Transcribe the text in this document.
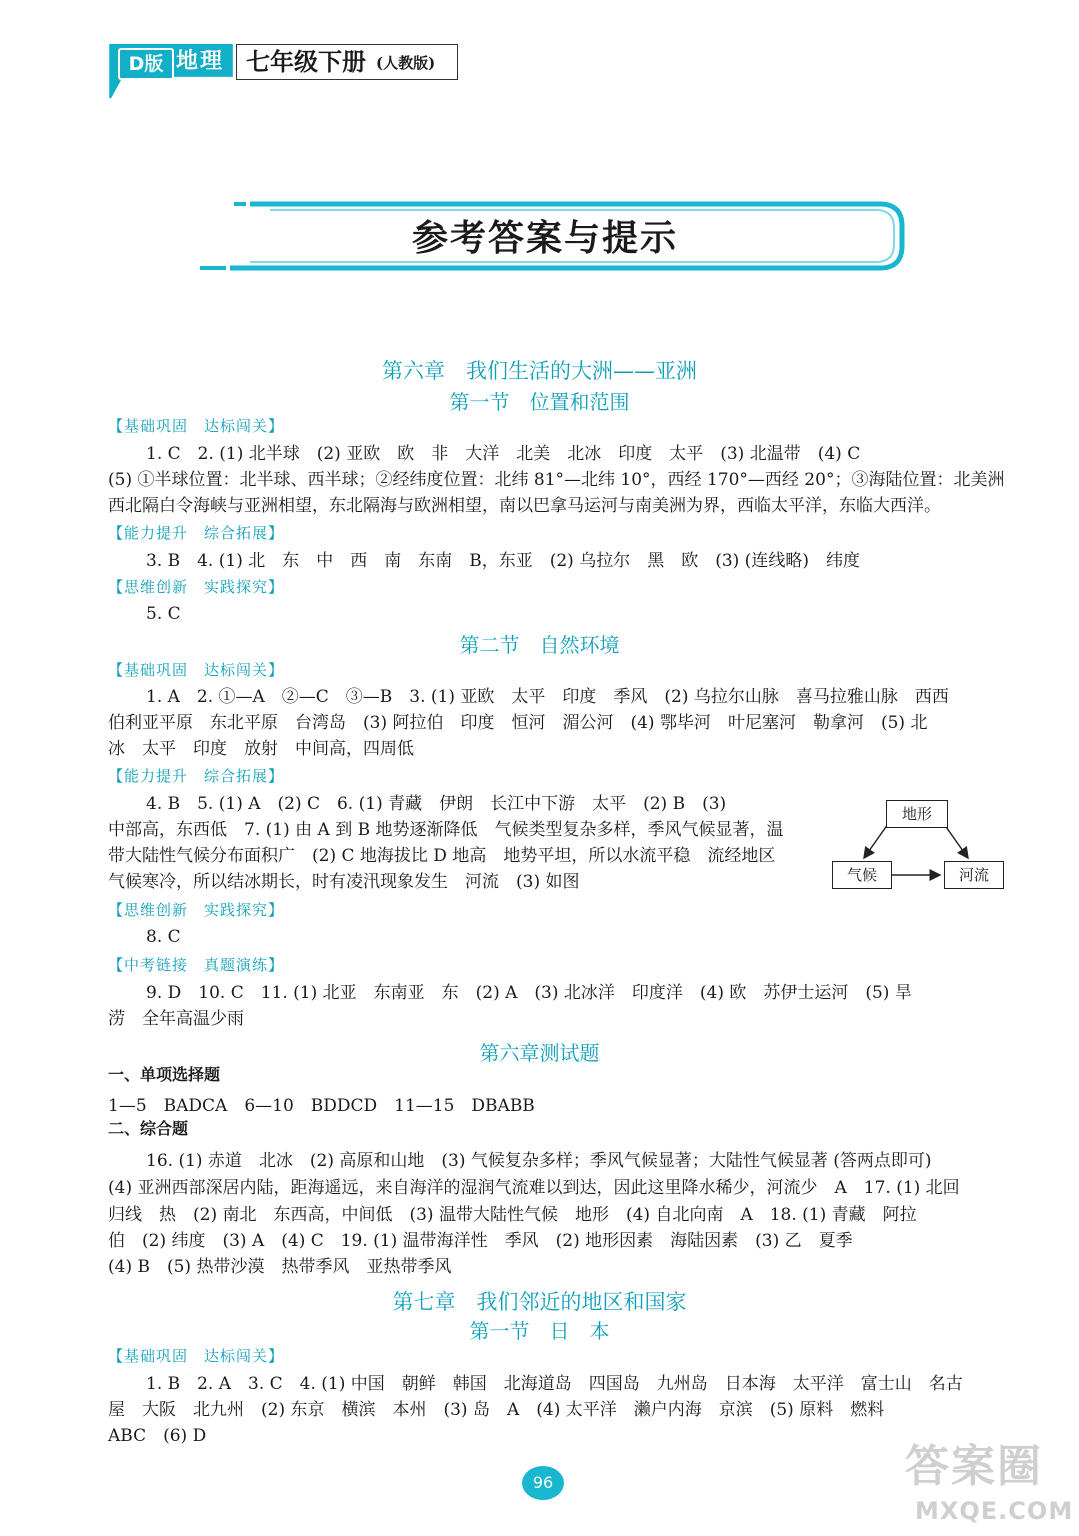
D版 地理 七年级下册 (人教版)
参考答案与提示
第六章　我们生活的大洲——亚洲
第一节　位置和范围
【基础巩固　达标闯关】
1. C　2. (1) 北半球　(2) 亚欧　欧　非　大洋　北美　北冰　印度　太平　(3) 北温带　(4) C
(5) ①半球位置：北半球、西半球；②经纬度位置：北纬 81°—北纬 10°，西经 170°—西经 20°；③海陆位置：北美洲
西北隔白令海峡与亚洲相望，东北隔海与欧洲相望，南以巴拿马运河与南美洲为界，西临太平洋，东临大西洋。
【能力提升　综合拓展】
3. B　4. (1) 北　东　中　西　南　东南　B，东亚　(2) 乌拉尔　黑　欧　(3) (连线略)　纬度
【思维创新　实践探究】
5. C
第二节　自然环境
【基础巩固　达标闯关】
1. A　2. ①—A　②—C　③—B　3. (1) 亚欧　太平　印度　季风　(2) 乌拉尔山脉　喜马拉雅山脉　西西
伯利亚平原　东北平原　台湾岛　(3) 阿拉伯　印度　恒河　湄公河　(4) 鄂毕河　叶尼塞河　勒拿河　(5) 北
冰　太平　印度　放射　中间高，四周低
【能力提升　综合拓展】
4. B　5. (1) A　(2) C　6. (1) 青藏　伊朗　长江中下游　太平　(2) B　(3)
中部高，东西低　7. (1) 由 A 到 B 地势逐渐降低　气候类型复杂多样，季风气候显著，温
带大陆性气候分布面积广　(2) C 地海拔比 D 地高　地势平坦，所以水流平稳　流经地区
气候寒冷，所以结冰期长，时有凌汛现象发生　河流　(3) 如图
地形
气候	河流
【思维创新　实践探究】
8. C
【中考链接　真题演练】
9. D　10. C　11. (1) 北亚　东南亚　东　(2) A　(3) 北冰洋　印度洋　(4) 欧　苏伊士运河　(5) 旱
涝　全年高温少雨
第六章测试题
一、单项选择题
1—5　BADCA　6—10　BDDCD　11—15　DBABB
二、综合题
16. (1) 赤道　北冰　(2) 高原和山地　(3) 气候复杂多样；季风气候显著；大陆性气候显著 (答两点即可)
(4) 亚洲西部深居内陆，距海遥远，来自海洋的湿润气流难以到达，因此这里降水稀少，河流少　A　17. (1) 北回
归线　热　(2) 南北　东西高，中间低　(3) 温带大陆性气候　地形　(4) 自北向南　A　18. (1) 青藏　阿拉
伯　(2) 纬度　(3) A　(4) C　19. (1) 温带海洋性　季风　(2) 地形因素　海陆因素　(3) 乙　夏季
(4) B　(5) 热带沙漠　热带季风　亚热带季风
第七章　我们邻近的地区和国家
第一节　日　本
【基础巩固　达标闯关】
1. B　2. A　3. C　4. (1) 中国　朝鲜　韩国　北海道岛　四国岛　九州岛　日本海　太平洋　富士山　名古
屋　大阪　北九州　(2) 东京　横滨　本州　(3) 岛　A　(4) 太平洋　濑户内海　京滨　(5) 原料　燃料
ABC　(6) D
96	答案圈
MXQE.COM
